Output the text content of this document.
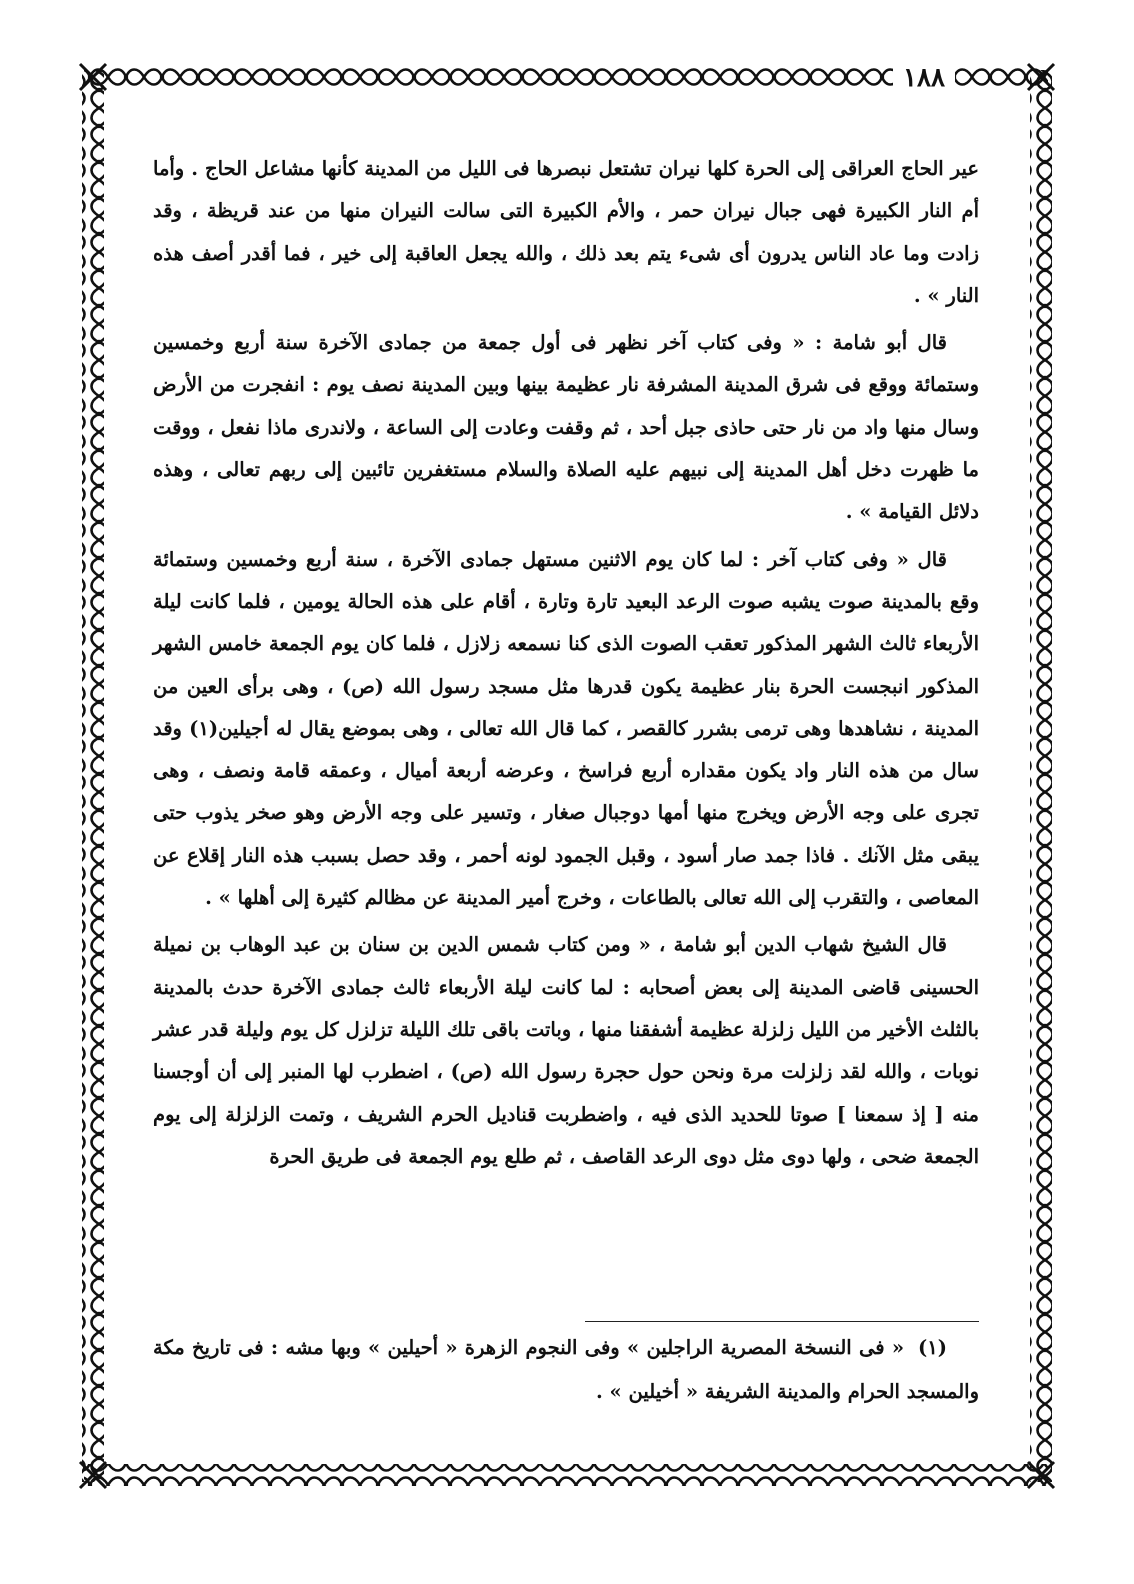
١٨٨

عير الحاج العراقى إلى الحرة كلها نيران تشتعل نبصرها فى الليل من المدينة كأنها مشاعل الحاج . وأما أم النار الكبيرة فهى جبال نيران حمر ، والأم الكبيرة التى سالت النيران منها من عند قريظة ، وقد زادت وما عاد الناس يدرون أى شىء يتم بعد ذلك ، والله يجعل العاقبة إلى خير ، فما أقدر أصف هذه النار » .

قال أبو شامة : « وفى كتاب آخر نظهر فى أول جمعة من جمادى الآخرة سنة أربع وخمسين وستمائة ووقع فى شرق المدينة المشرفة نار عظيمة بينها وبين المدينة نصف يوم : انفجرت من الأرض وسال منها واد من نار حتى حاذى جبل أحد ، ثم وقفت وعادت إلى الساعة ، ولاندرى ماذا نفعل ، ووقت ما ظهرت دخل أهل المدينة إلى نبيهم عليه الصلاة والسلام مستغفرين تائبين إلى ربهم تعالى ، وهذه دلائل القيامة » .

قال « وفى كتاب آخر : لما كان يوم الاثنين مستهل جمادى الآخرة ، سنة أربع وخمسين وستمائة وقع بالمدينة صوت يشبه صوت الرعد البعيد تارة وتارة ، أقام على هذه الحالة يومين ، فلما كانت ليلة الأربعاء ثالث الشهر المذكور تعقب الصوت الذى كنا نسمعه زلازل ، فلما كان يوم الجمعة خامس الشهر المذكور انبجست الحرة بنار عظيمة يكون قدرها مثل مسجد رسول الله (ص) ، وهى برأى العين من المدينة ، نشاهدها وهى ترمى بشرر كالقصر ، كما قال الله تعالى ، وهى بموضع يقال له أجيلين(١) وقد سال من هذه النار واد يكون مقداره أربع فراسخ ، وعرضه أربعة أميال ، وعمقه قامة ونصف ، وهى تجرى على وجه الأرض ويخرج منها أمها دوجبال صغار ، وتسير على وجه الأرض وهو صخر يذوب حتى يبقى مثل الآنك . فاذا جمد صار أسود ، وقبل الجمود لونه أحمر ، وقد حصل بسبب هذه النار إقلاع عن المعاصى ، والتقرب إلى الله تعالى بالطاعات ، وخرج أمير المدينة عن مظالم كثيرة إلى أهلها » .

قال الشيخ شهاب الدين أبو شامة ، « ومن كتاب شمس الدين بن سنان بن عبد الوهاب بن نميلة الحسينى قاضى المدينة إلى بعض أصحابه : لما كانت ليلة الأربعاء ثالث جمادى الآخرة حدث بالمدينة بالثلث الأخير من الليل زلزلة عظيمة أشفقنا منها ، وباتت باقى تلك الليلة تزلزل كل يوم وليلة قدر عشر نوبات ، والله لقد زلزلت مرة ونحن حول حجرة رسول الله (ص) ، اضطرب لها المنبر إلى أن أوجسنا منه [ إذ سمعنا ] صوتا للحديد الذى فيه ، واضطربت قناديل الحرم الشريف ، وتمت الزلزلة إلى يوم الجمعة ضحى ، ولها دوى مثل دوى الرعد القاصف ، ثم طلع يوم الجمعة فى طريق الحرة

(١)« فى النسخة المصرية الراجلين » وفى النجوم الزهرة « أحيلين » وبها مشه : فى تاريخ مكة والمسجد الحرام والمدينة الشريفة « أخيلين » .
